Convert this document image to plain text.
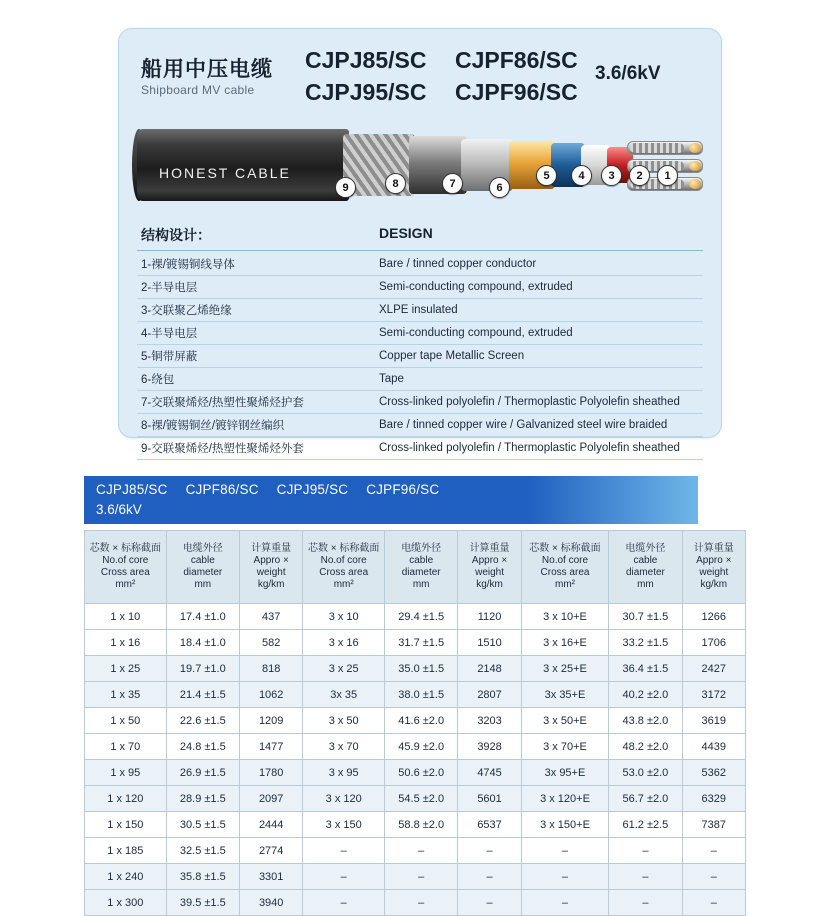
船用中压电缆
Shipboard MV cable
CJPJ85/SC
CJPJ95/SC
CJPF86/SC
CJPF96/SC
3.6/6kV
HONEST CABLE
9	8	7	6
5	4	3	2	1
结构设计：	DESIGN
1-裸/镀锡铜线导体	Bare / tinned copper conductor
2-半导电层	Semi-conducting compound, extruded
3-交联聚乙烯绝缘	XLPE insulated
4-半导电层	Semi-conducting compound, extruded
5-铜带屏蔽	Copper tape Metallic Screen
6-绕包	Tape
7-交联聚烯烃/热塑性聚烯烃护套	Cross-linked polyolefin / Thermoplastic Polyolefin sheathed
8-裸/镀锡铜丝/镀锌钢丝编织	Bare / tinned copper wire / Galvanized steel wire braided
9-交联聚烯烃/热塑性聚烯烃外套	Cross-linked polyolefin / Thermoplastic Polyolefin sheathed
CJPJ85/SC CJPF86/SC CJPJ95/SC CJPF96/SC
3.6/6kV
芯数 × 标称截面
No.of core
Cross area
mm²	电缆外径
cable
diameter
mm	计算重量
Appro ×
weight
kg/km	芯数 × 标称截面
No.of core
Cross area
mm²	电缆外径
cable
diameter
mm	计算重量
Appro ×
weight
kg/km	芯数 × 标称截面
No.of core
Cross area
mm²	电缆外径
cable
diameter
mm	计算重量
Appro ×
weight
kg/km

1 x 10	17.4 ±1.0	437	3 x 10	29.4 ±1.5	1120	3 x 10+E	30.7 ±1.5	1266
1 x 16	18.4 ±1.0	582	3 x 16	31.7 ±1.5	1510	3 x 16+E	33.2 ±1.5	1706
1 x 25	19.7 ±1.0	818	3 x 25	35.0 ±1.5	2148	3 x 25+E	36.4 ±1.5	2427
1 x 35	21.4 ±1.5	1062	3x 35	38.0 ±1.5	2807	3x 35+E	40.2 ±2.0	3172
1 x 50	22.6 ±1.5	1209	3 x 50	41.6 ±2.0	3203	3 x 50+E	43.8 ±2.0	3619
1 x 70	24.8 ±1.5	1477	3 x 70	45.9 ±2.0	3928	3 x 70+E	48.2 ±2.0	4439
1 x 95	26.9 ±1.5	1780	3 x 95	50.6 ±2.0	4745	3x 95+E	53.0 ±2.0	5362
1 x 120	28.9 ±1.5	2097	3 x 120	54.5 ±2.0	5601	3 x 120+E	56.7 ±2.0	6329
1 x 150	30.5 ±1.5	2444	3 x 150	58.8 ±2.0	6537	3 x 150+E	61.2 ±2.5	7387
1 x 185	32.5 ±1.5	2774	–	–	–	–	–	–
1 x 240	35.8 ±1.5	3301	–	–	–	–	–	–
1 x 300	39.5 ±1.5	3940	–	–	–	–	–	–
